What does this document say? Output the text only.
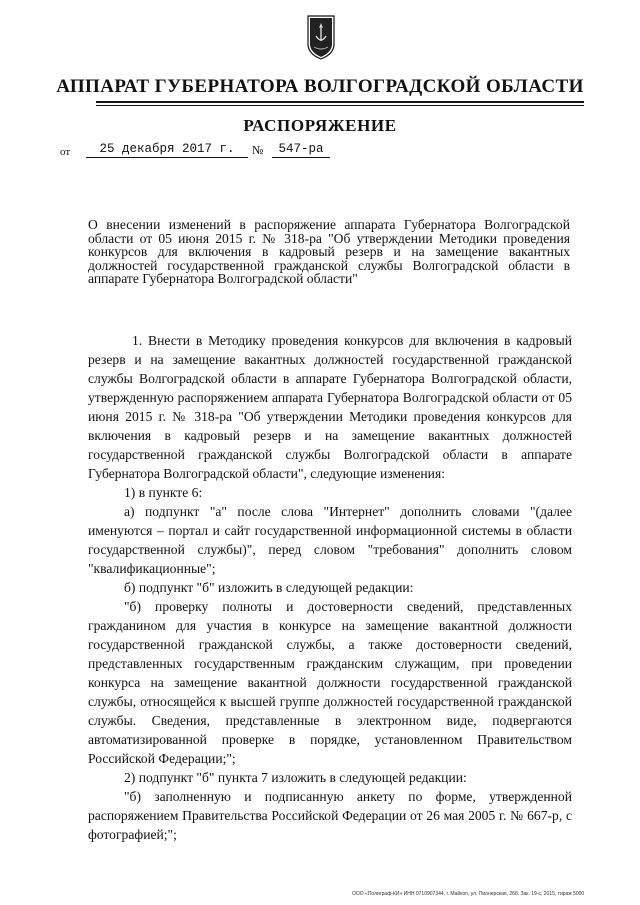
АППАРАТ ГУБЕРНАТОРА ВОЛГОГРАДСКОЙ ОБЛАСТИ
РАСПОРЯЖЕНИЕ
от	25 декабря 2017 г.	№	547-ра

О внесении изменений в распоряжение аппарата Губернатора Волгоградской области от 05 июня 2015 г. № 318-ра "Об утверждении Методики проведения конкурсов для включения в кадровый резерв и на замещение вакантных должностей государственной гражданской службы Волгоградской области в аппарате Губернатора Волгоградской области"

1. Внести в Методику проведения конкурсов для включения в кадровый резерв и на замещение вакантных должностей государственной гражданской службы Волгоградской области в аппарате Губернатора Волгоградской области, утвержденную распоряжением аппарата Губернатора Волгоградской области от 05 июня 2015 г. № 318-ра "Об утверждении Методики проведения конкурсов для включения в кадровый резерв и на замещение вакантных должностей государственной гражданской службы Волгоградской области в аппарате Губернатора Волгоградской области", следующие изменения:

1) в пункте 6:

а) подпункт "а" после слова "Интернет" дополнить словами "(далее именуются – портал и сайт государственной информационной системы в области государственной службы)", перед словом "требования" дополнить словом "квалификационные";

б) подпункт "б" изложить в следующей редакции:

"б) проверку полноты и достоверности сведений, представленных гражданином для участия в конкурсе на замещение вакантной должности государственной гражданской службы, а также достоверности сведений, представленных государственным гражданским служащим, при проведении конкурса на замещение вакантной должности государственной гражданской службы, относящейся к высшей группе должностей государственной гражданской службы. Сведения, представленные в электронном виде, подвергаются автоматизированной проверке в порядке, установленном Правительством Российской Федерации;";

2) подпункт "б" пункта 7 изложить в следующей редакции:

"б) заполненную и подписанную анкету по форме, утвержденной распоряжением Правительства Российской Федерации от 26 мая 2005 г. № 667-р, с фотографией;";

ООО «Полиграф-КИ» ИНН 0710907344, г. Майкоп, ул. Пионерская, 268. Зак. 19-с, 2015, тираж 5000
